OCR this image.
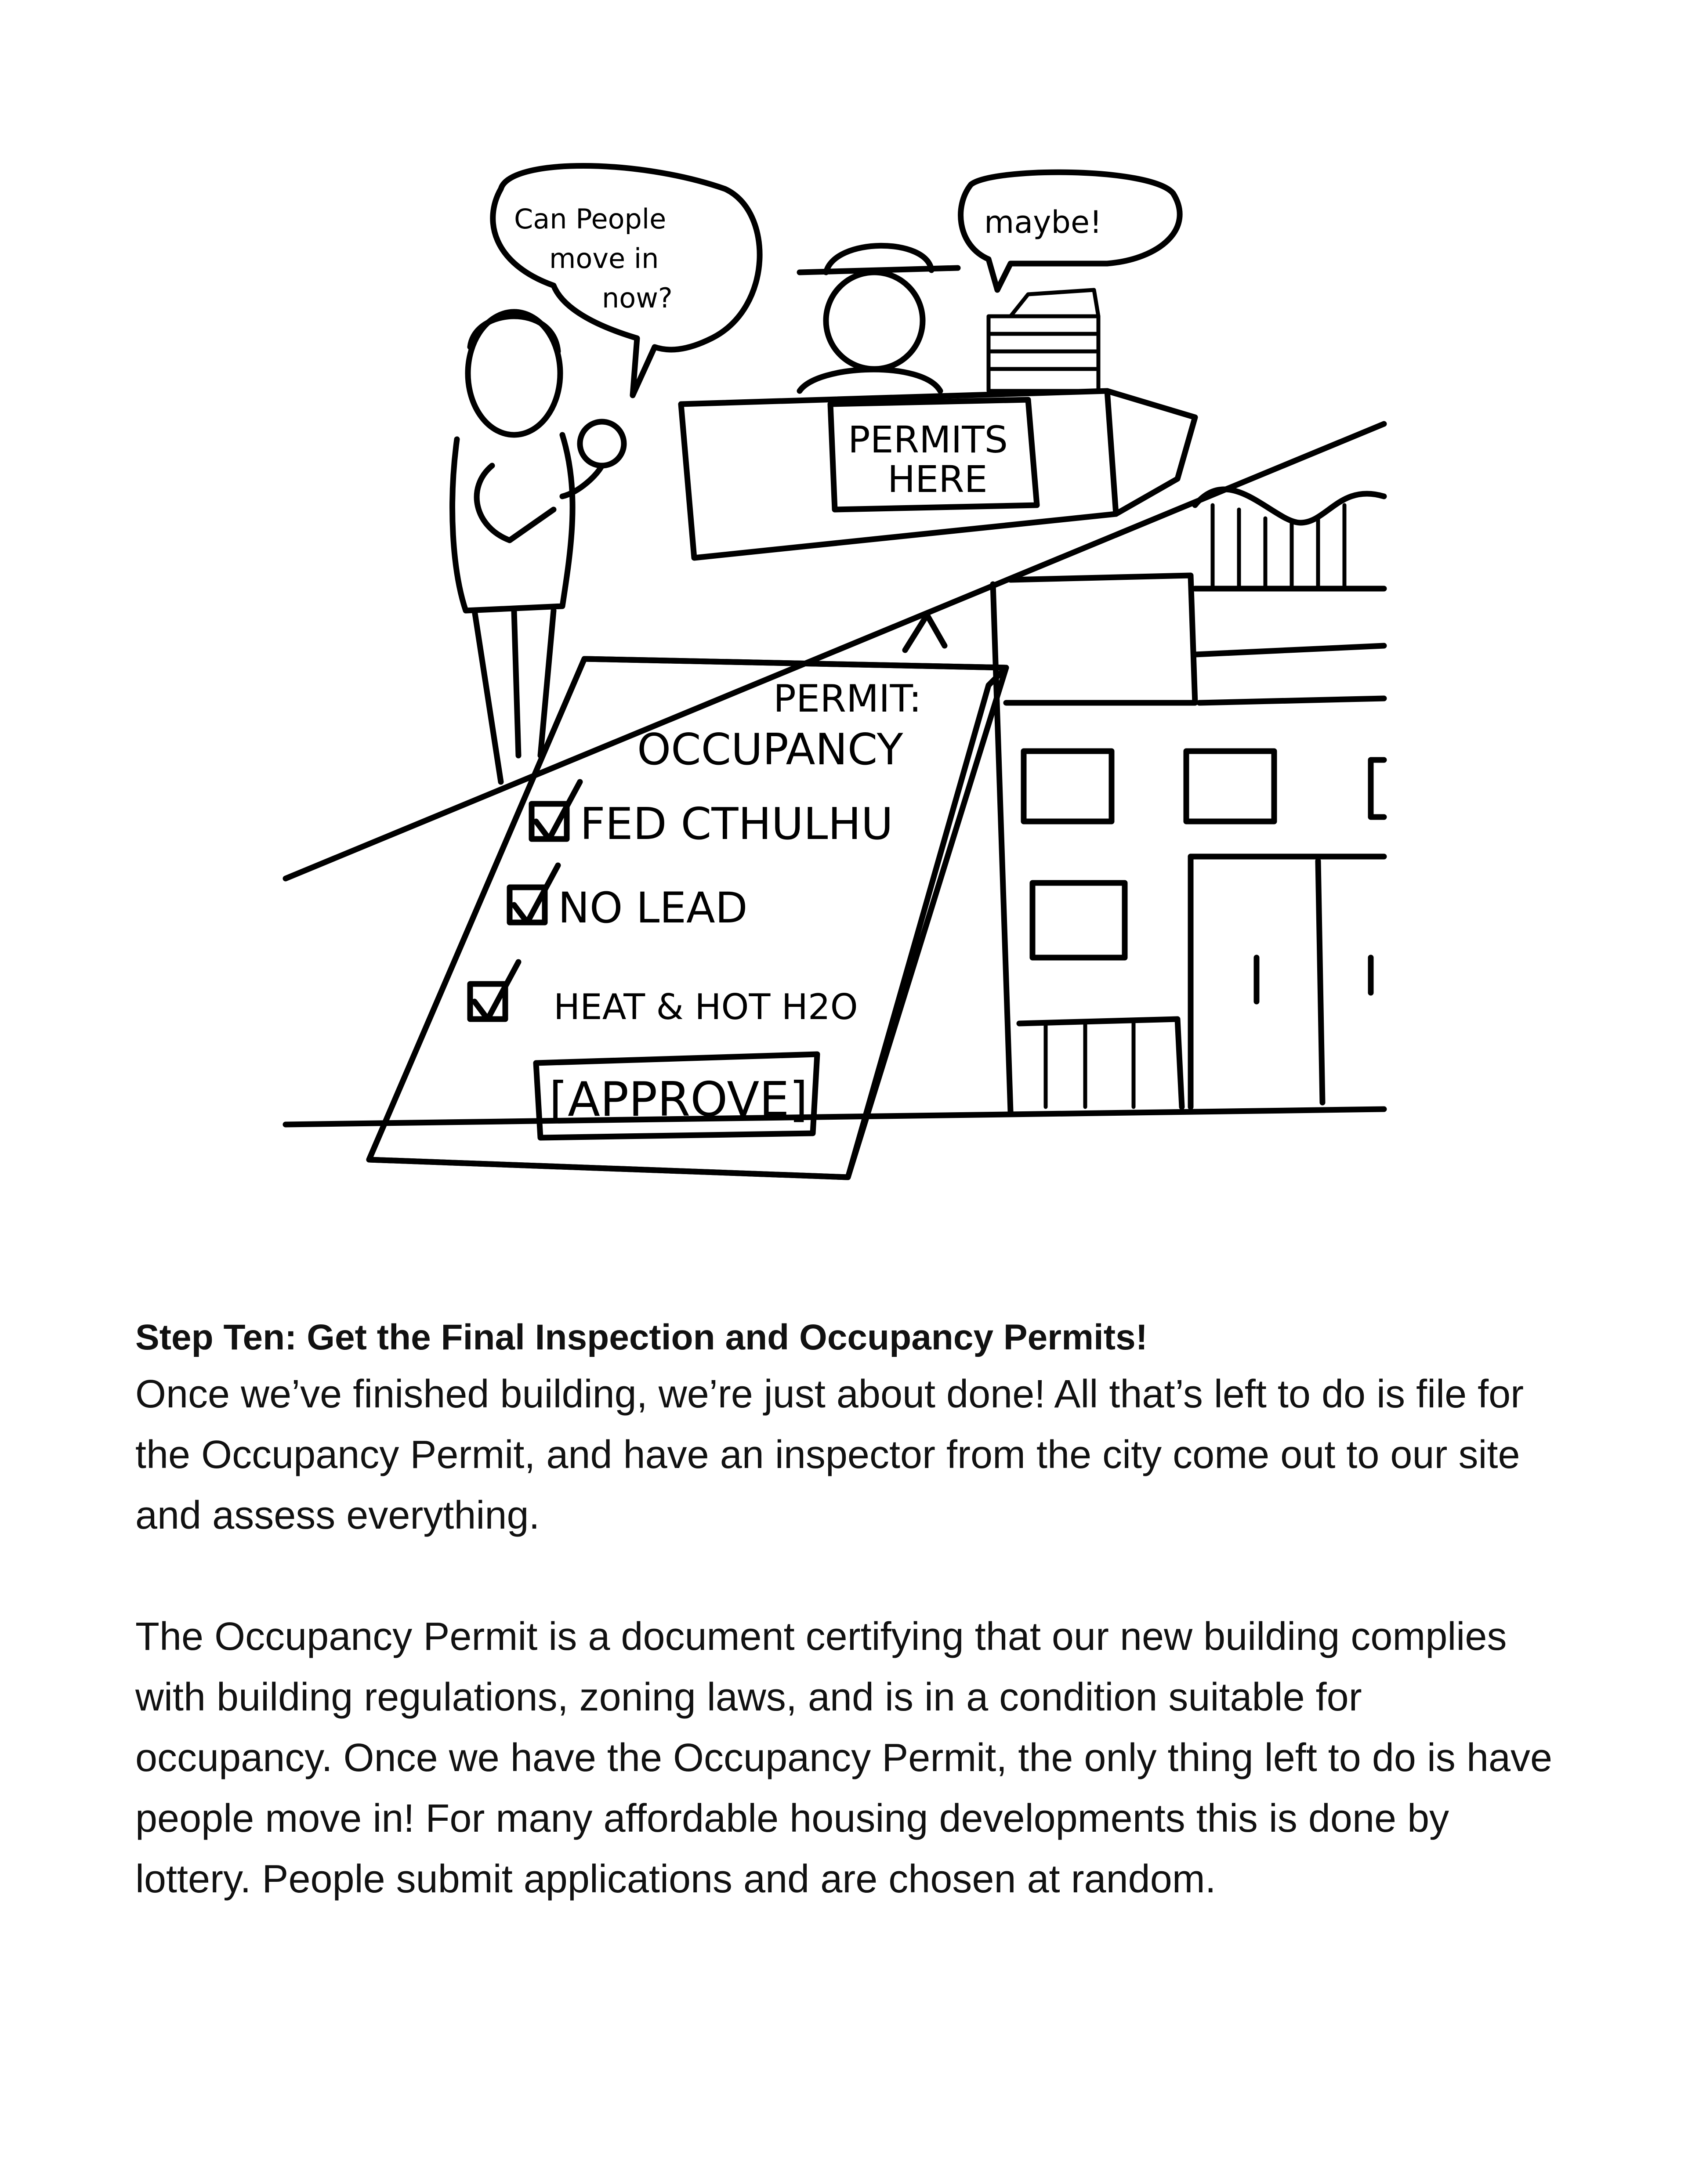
Can People
move in
now?
maybe!
PERMITS
HERE
PERMIT:
OCCUPANCY
FED CTHULHU
NO LEAD
HEAT & HOT H2O
[APPROVE]

Step Ten: Get the Final Inspection and Occupancy Permits!

Once we’ve finished building, we’re just about done! All that’s left to do is file for the Occupancy Permit, and have an inspector from the city come out to our site and assess everything.

The Occupancy Permit is a document certifying that our new building complies with building regulations, zoning laws, and is in a condition suitable for occupancy. Once we have the Occupancy Permit, the only thing left to do is have people move in! For many affordable housing developments this is done by lottery. People submit applications and are chosen at random.
